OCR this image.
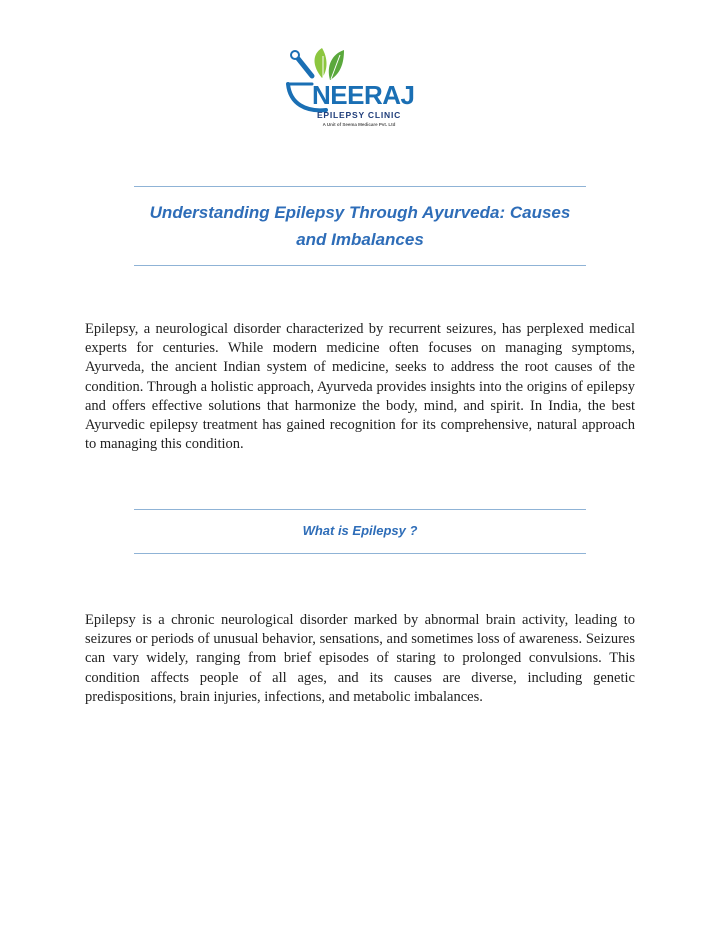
NEERAJ
EPILEPSY CLINIC
A Unit of Seema Medicare Pvt. Ltd
Understanding Epilepsy Through Ayurveda: Causes and Imbalances
Epilepsy, a neurological disorder characterized by recurrent seizures, has perplexed medical experts for centuries. While modern medicine often focuses on managing symptoms, Ayurveda, the ancient Indian system of medicine, seeks to address the root causes of the condition. Through a holistic approach, Ayurveda provides insights into the origins of epilepsy and offers effective solutions that harmonize the body, mind, and spirit. In India, the best Ayurvedic epilepsy treatment has gained recognition for its comprehensive, natural approach to managing this condition.
What is Epilepsy ?
Epilepsy is a chronic neurological disorder marked by abnormal brain activity, leading to seizures or periods of unusual behavior, sensations, and sometimes loss of awareness. Seizures can vary widely, ranging from brief episodes of staring to prolonged convulsions. This condition affects people of all ages, and its causes are diverse, including genetic predispositions, brain injuries, infections, and metabolic imbalances.
